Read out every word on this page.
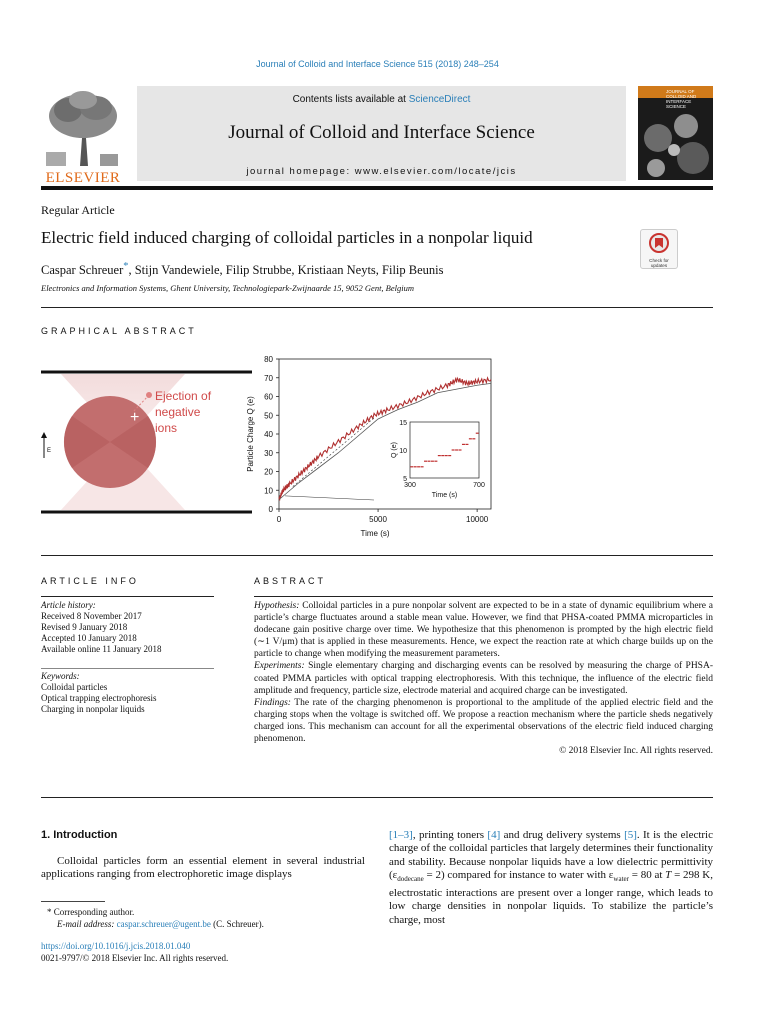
Journal of Colloid and Interface Science 515 (2018) 248–254
ELSEVIER
Contents lists available at ScienceDirect
Journal of Colloid and Interface Science
journal homepage: www.elsevier.com/locate/jcis
JOURNAL OF COLLOID AND INTERFACE SCIENCE
Regular Article
Electric field induced charging of colloidal particles in a nonpolar liquid
Caspar Schreuer*, Stijn Vandewiele, Filip Strubbe, Kristiaan Neyts, Filip Beunis
Electronics and Information Systems, Ghent University, Technologiepark-Zwijnaarde 15, 9052 Gent, Belgium
Check for updates
GRAPHICAL ABSTRACT
+
Ejection of
negative
ions
E
0
10
20
30
40
50
60
70
80
0	5000	10000
Time (s)
Particle Charge Q (e)
5
10
15
300	700
Time (s)
Q (e)
ARTICLE INFO
Article history:
Received 8 November 2017
Revised 9 January 2018
Accepted 10 January 2018
Available online 11 January 2018
Keywords:
Colloidal particles
Optical trapping electrophoresis
Charging in nonpolar liquids
ABSTRACT
Hypothesis: Colloidal particles in a pure nonpolar solvent are expected to be in a state of dynamic equilibrium where a particle’s charge fluctuates around a stable mean value. However, we find that PHSA-coated PMMA microparticles in dodecane gain positive charge over time. We hypothesize that this phenomenon is prompted by the high electric field (∼1 V/μm) that is applied in these measurements. Hence, we expect the reaction rate at which charge builds up on the particle to change when modifying the measurement parameters.
Experiments: Single elementary charging and discharging events can be resolved by measuring the charge of PHSA-coated PMMA particles with optical trapping electrophoresis. With this technique, the influence of the electric field amplitude and frequency, particle size, electrode material and acquired charge can be investigated.
Findings: The rate of the charging phenomenon is proportional to the amplitude of the applied electric field and the charging stops when the voltage is switched off. We propose a reaction mechanism where the particle sheds negatively charged ions. This mechanism can account for all the experimental observations of the electric field induced charging phenomenon.
© 2018 Elsevier Inc. All rights reserved.
1. Introduction
Colloidal particles form an essential element in several industrial applications ranging from electrophoretic image displays
[1–3], printing toners [4] and drug delivery systems [5]. It is the electric charge of the colloidal particles that largely determines their functionality and stability. Because nonpolar liquids have a low dielectric permittivity $(\varepsilon_{dodecane} = 2)$ compared for instance to water with $\varepsilon_{water} = 80$ at T = 298 K, electrostatic interactions are present over a longer range, which leads to low charge densities in nonpolar liquids. To stabilize the particle’s charge, most
* Corresponding author.
E-mail address: caspar.schreuer@ugent.be (C. Schreuer).
https://doi.org/10.1016/j.jcis.2018.01.040
0021-9797/© 2018 Elsevier Inc. All rights reserved.
